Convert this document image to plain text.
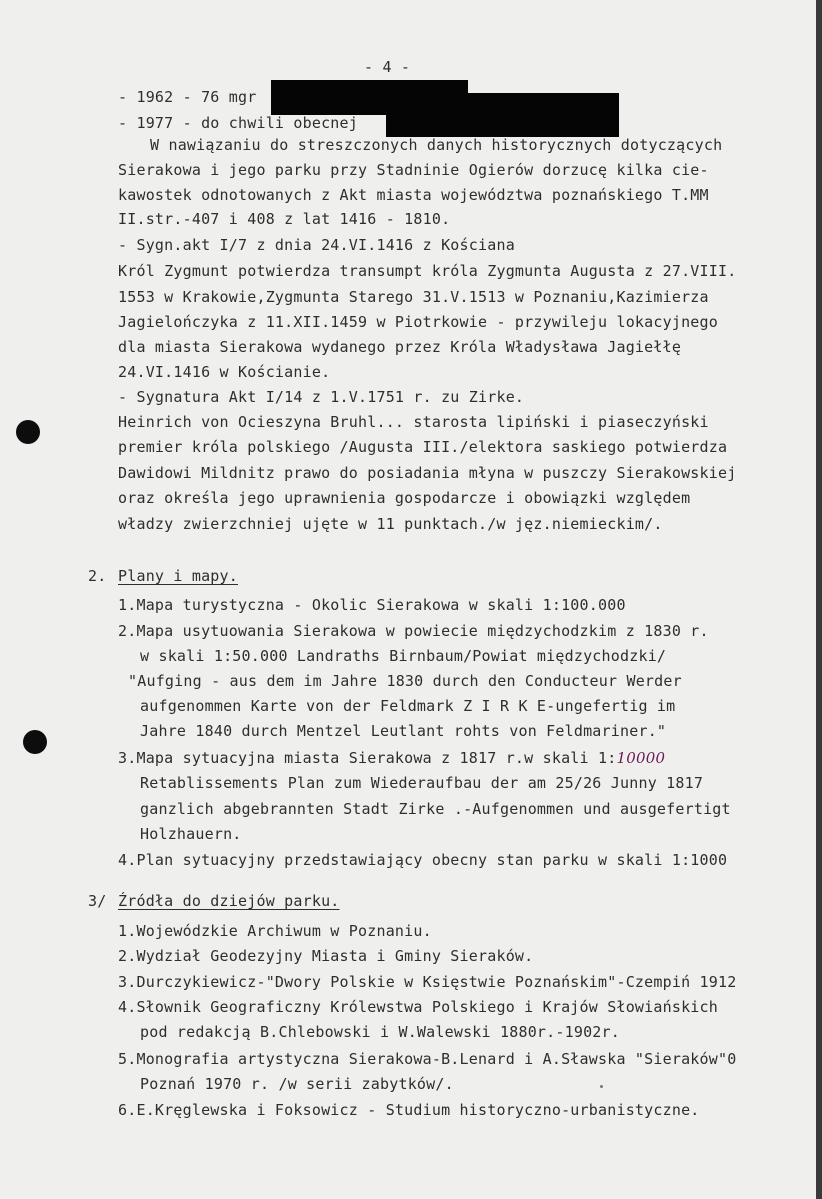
- 4 -
- 1962 - 76 mgr
- 1977 - do chwili obecnej
W nawiązaniu do streszczonych danych historycznych dotyczących
Sierakowa i jego parku przy Stadninie Ogierów dorzucę kilka cie-
kawostek odnotowanych z Akt miasta województwa poznańskiego T.MM
II.str.-407 i 408 z lat 1416 - 1810.
- Sygn.akt I/7 z dnia 24.VI.1416 z Kościana
Król Zygmunt potwierdza transumpt króla Zygmunta Augusta z 27.VIII.
1553 w Krakowie,Zygmunta Starego 31.V.1513 w Poznaniu,Kazimierza
Jagielończyka z 11.XII.1459 w Piotrkowie - przywileju lokacyjnego
dla miasta Sierakowa wydanego przez Króla Władysława Jagiełłę
24.VI.1416 w Kościanie.
- Sygnatura Akt I/14 z 1.V.1751 r. zu Zirke.
Heinrich von Ocieszyna Bruhl... starosta lipiński i piaseczyński
premier króla polskiego /Augusta III./elektora saskiego potwierdza
Dawidowi Mildnitz prawo do posiadania młyna w puszczy Sierakowskiej
oraz określa jego uprawnienia gospodarcze i obowiązki względem
władzy zwierzchniej ujęte w 11 punktach./w jęz.niemieckim/.
2. Plany i mapy.
1.Mapa turystyczna - Okolic Sierakowa w skali 1:100.000
2.Mapa usytuowania Sierakowa w powiecie międzychodzkim z 1830 r.
w skali 1:50.000 Landraths Birnbaum/Powiat międzychodzki/
"Aufging - aus dem im Jahre 1830 durch den Conducteur Werder
aufgenommen Karte von der Feldmark Z I R K E-ungefertig im
Jahre 1840 durch Mentzel Leutlant rohts von Feldmariner."
3.Mapa sytuacyjna miasta Sierakowa z 1817 r.w skali 1:10000
Retablissements Plan zum Wiederaufbau der am 25/26 Junny 1817
ganzlich abgebrannten Stadt Zirke .-Aufgenommen und ausgefertigt
Holzhauern.
4.Plan sytuacyjny przedstawiający obecny stan parku w skali 1:1000
3/ Źródła do dziejów parku.
1.Wojewódzkie Archiwum w Poznaniu.
2.Wydział Geodezyjny Miasta i Gminy Sieraków.
3.Durczykiewicz-"Dwory Polskie w Księstwie Poznańskim"-Czempiń 1912
4.Słownik Geograficzny Królewstwa Polskiego i Krajów Słowiańskich
pod redakcją B.Chlebowski i W.Walewski 1880r.-1902r.
5.Monografia artystyczna Sierakowa-B.Lenard i A.Sławska "Sieraków"0
Poznań 1970 r. /w serii zabytków/.
6.E.Kręglewska i Foksowicz - Studium historyczno-urbanistyczne.
